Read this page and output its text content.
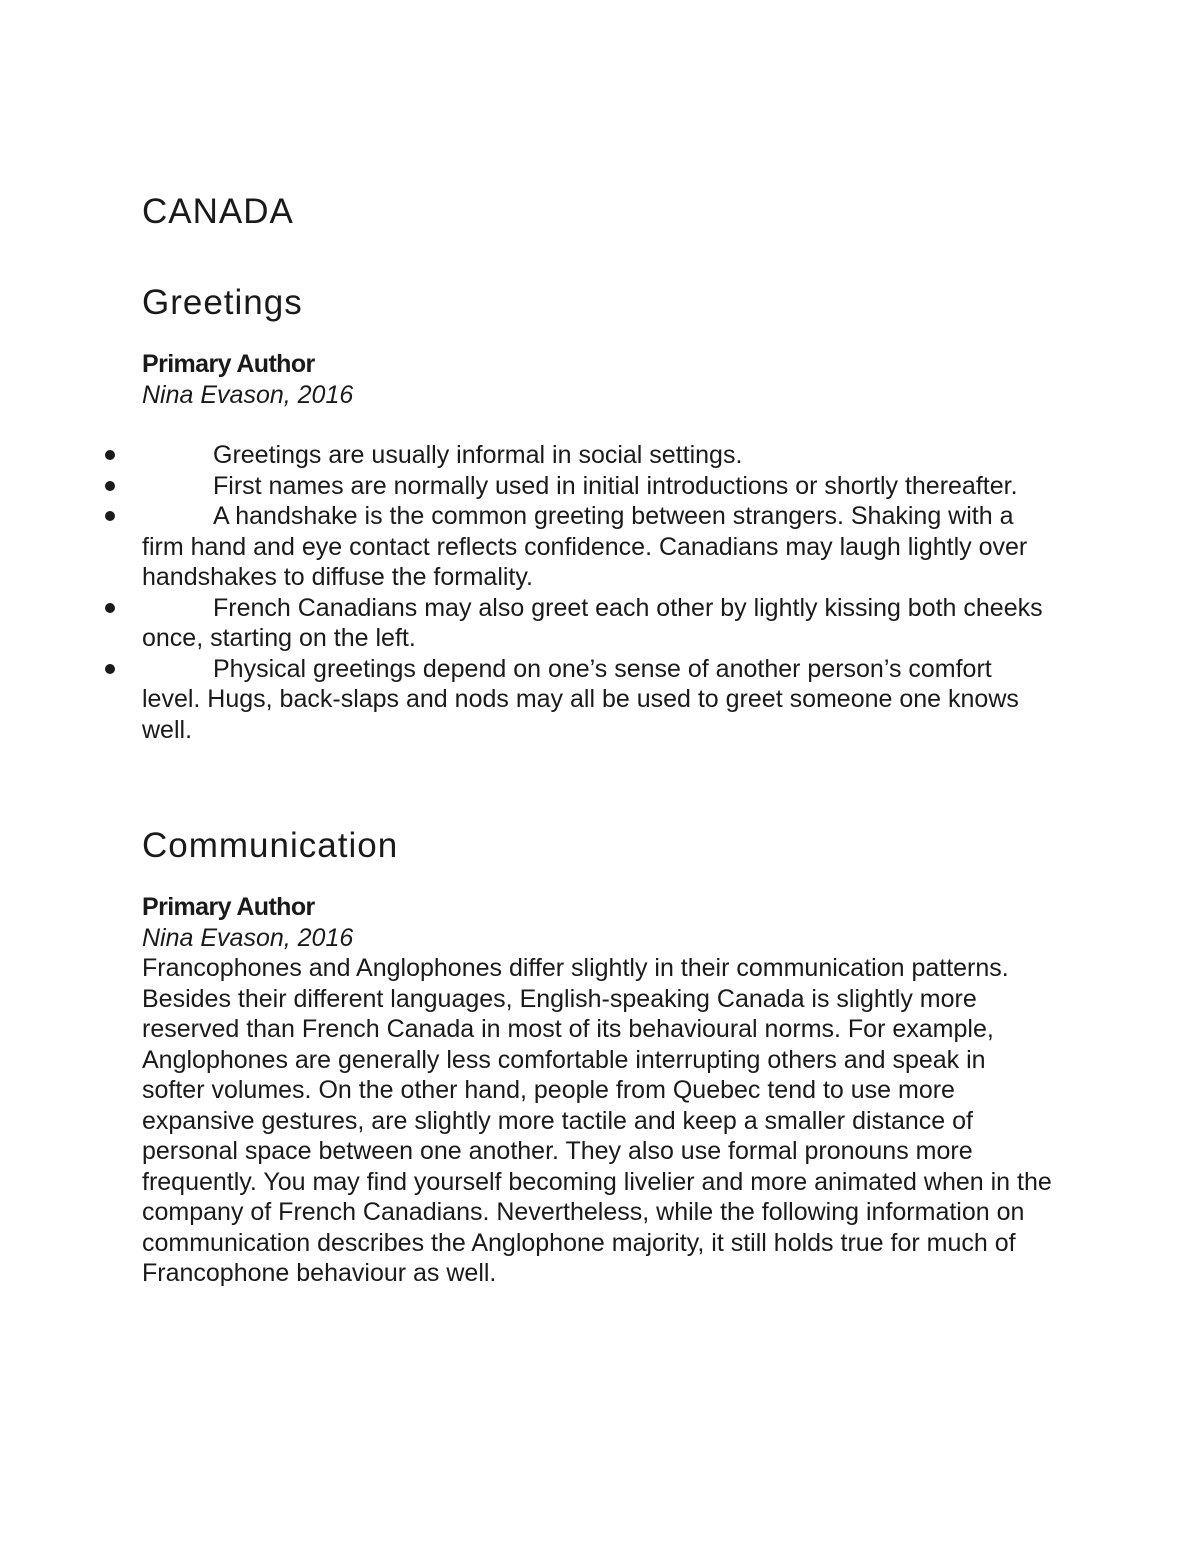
CANADA
Greetings
Primary Author
Nina Evason, 2016
Greetings are usually informal in social settings.
First names are normally used in initial introductions or shortly thereafter.
A handshake is the common greeting between strangers. Shaking with a firm hand and eye contact reflects confidence. Canadians may laugh lightly over handshakes to diffuse the formality.
French Canadians may also greet each other by lightly kissing both cheeks once, starting on the left.
Physical greetings depend on one’s sense of another person’s comfort level. Hugs, back-slaps and nods may all be used to greet someone one knows well.
Communication
Primary Author
Nina Evason, 2016

Francophones and Anglophones differ slightly in their communication patterns. Besides their different languages, English-speaking Canada is slightly more reserved than French Canada in most of its behavioural norms. For example, Anglophones are generally less comfortable interrupting others and speak in softer volumes. On the other hand, people from Quebec tend to use more expansive gestures, are slightly more tactile and keep a smaller distance of personal space between one another. They also use formal pronouns more frequently. You may find yourself becoming livelier and more animated when in the company of French Canadians. Nevertheless, while the following information on communication describes the Anglophone majority, it still holds true for much of Francophone behaviour as well.
